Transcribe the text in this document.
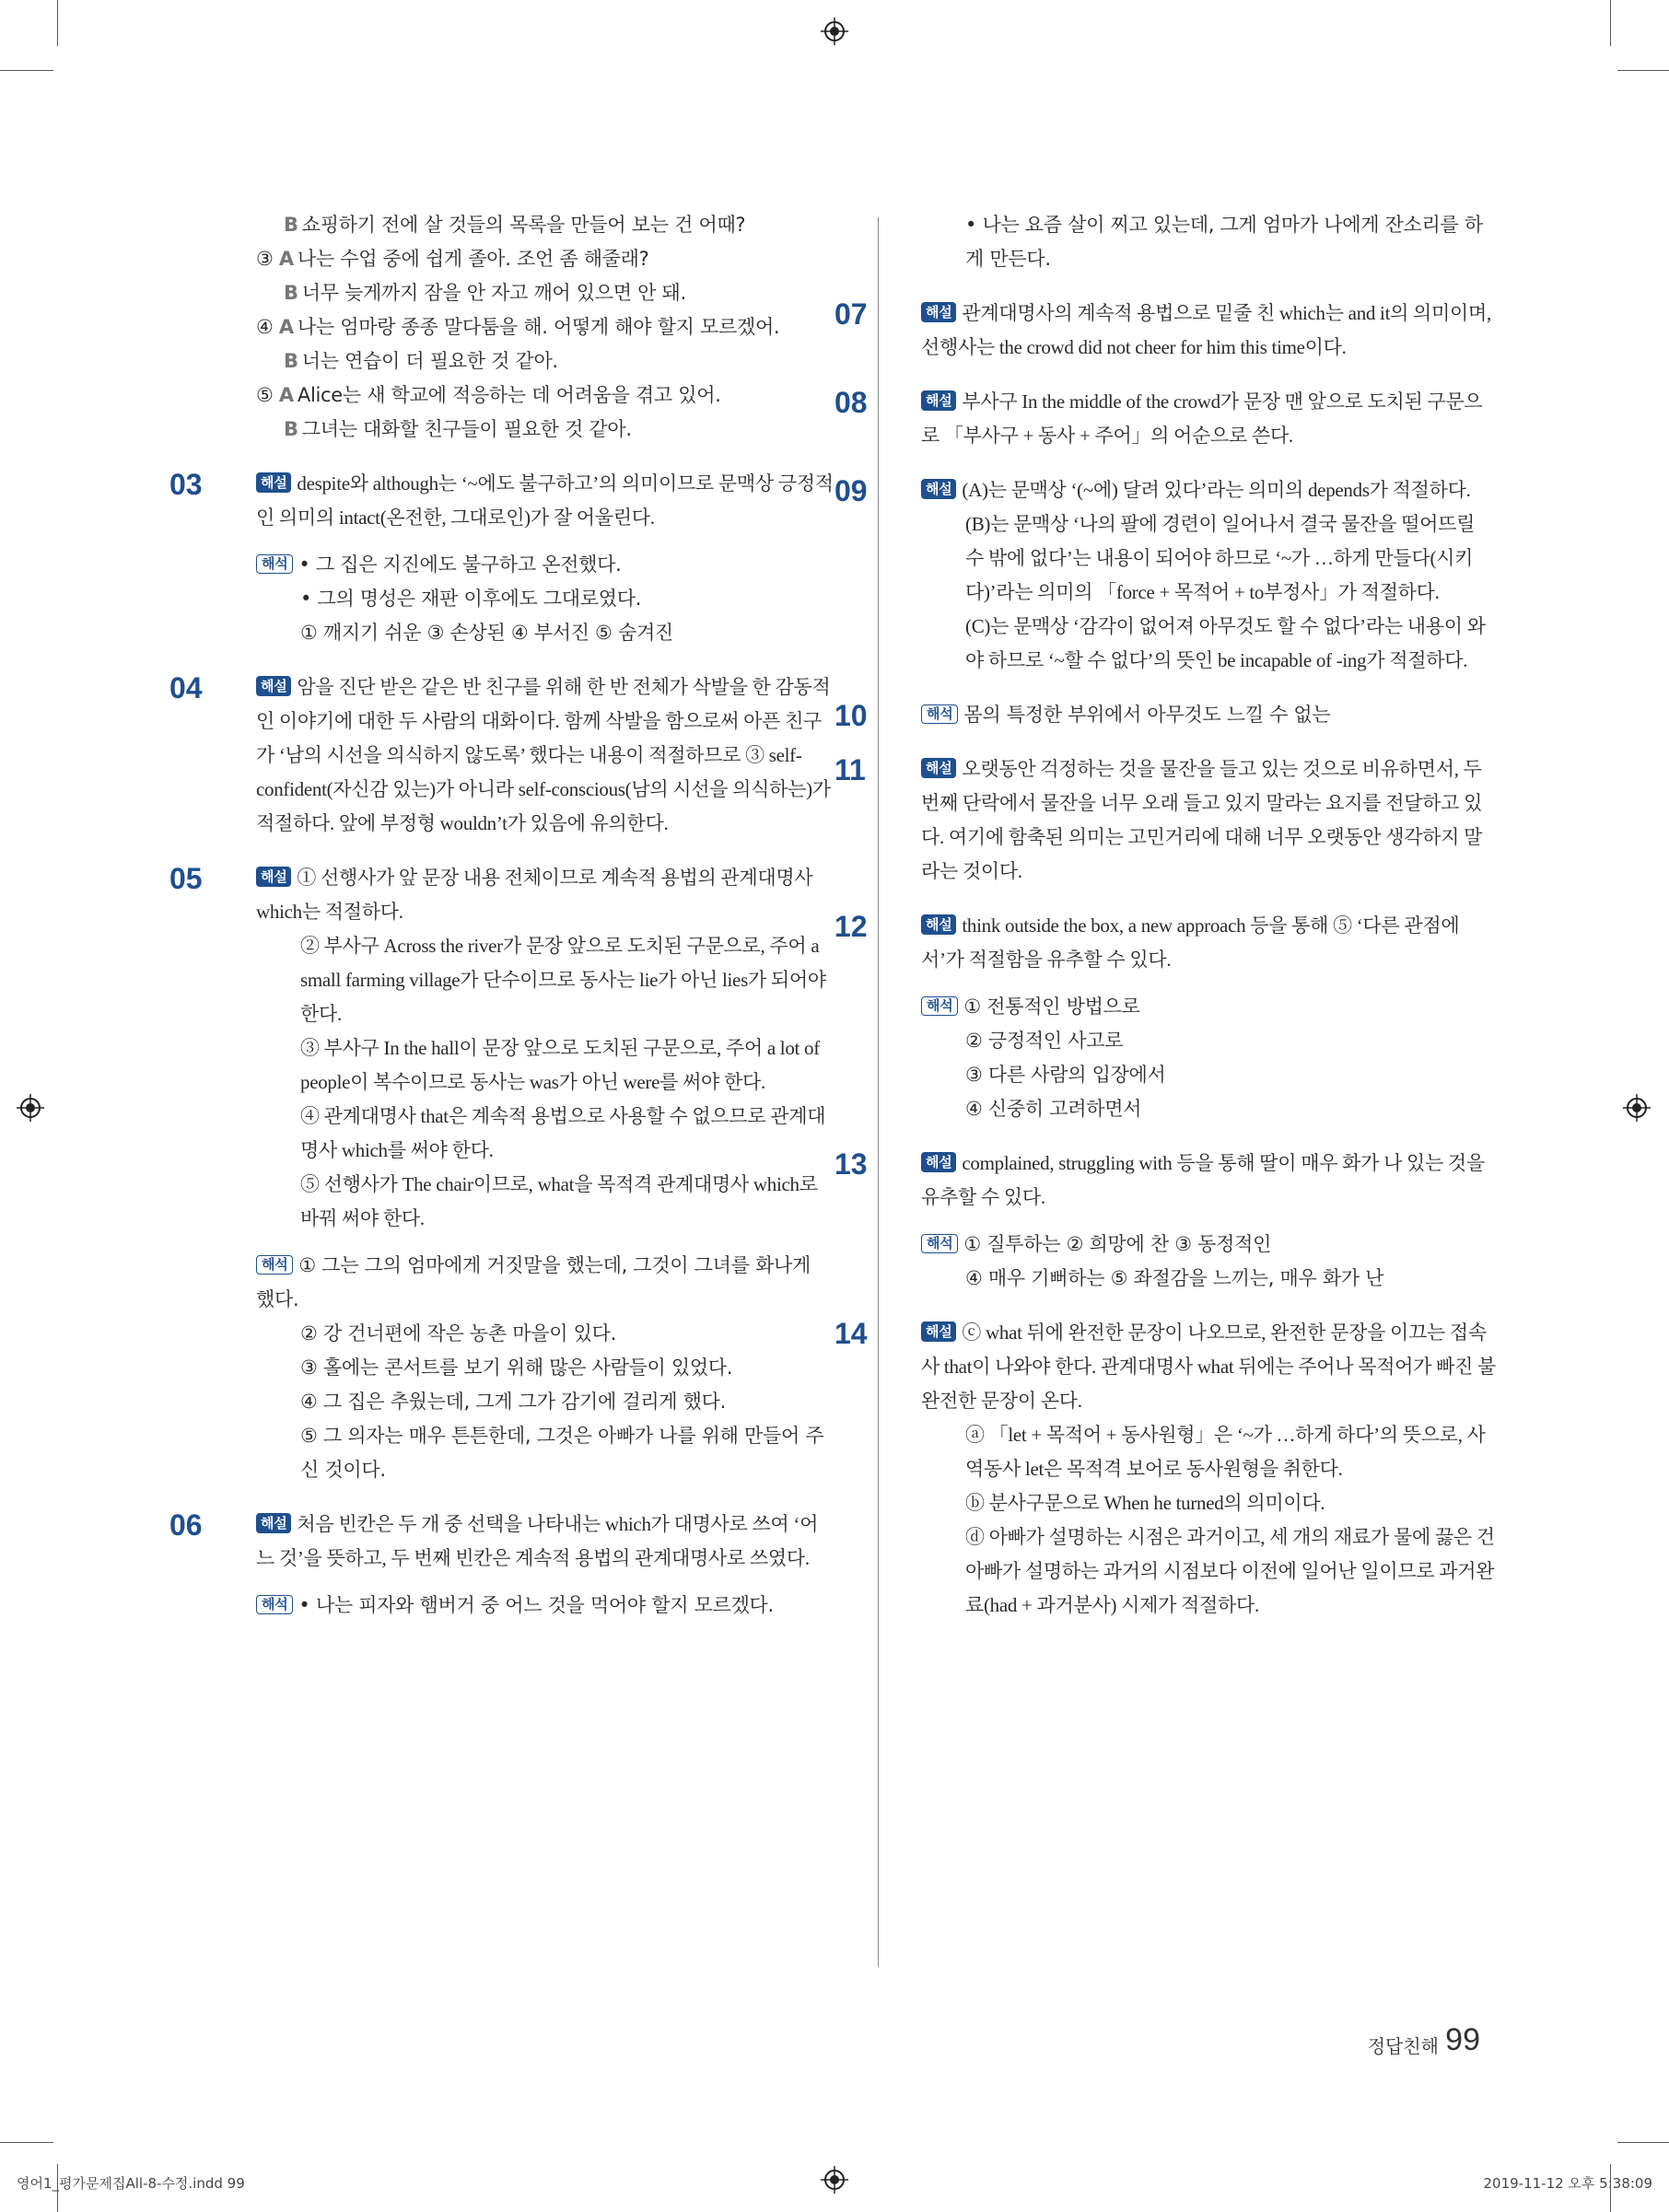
B 쇼핑하기 전에 살 것들의 목록을 만들어 보는 건 어때?
③ A 나는 수업 중에 쉽게 졸아. 조언 좀 해줄래?
B 너무 늦게까지 잠을 안 자고 깨어 있으면 안 돼.
④ A 나는 엄마랑 종종 말다툼을 해. 어떻게 해야 할지 모르겠어.
B 너는 연습이 더 필요한 것 같아.
⑤ A Alice는 새 학교에 적응하는 데 어려움을 겪고 있어.
B 그녀는 대화할 친구들이 필요한 것 같아.
03	해설 despite와 although는 ‘~에도 불구하고’의 의미이므로 문맥상 긍정적인 의미의 intact(온전한, 그대로인)가 잘 어울린다.
해석 • 그 집은 지진에도 불구하고 온전했다.
• 그의 명성은 재판 이후에도 그대로였다.
① 깨지기 쉬운 ③ 손상된 ④ 부서진 ⑤ 숨겨진
04	해설 암을 진단 받은 같은 반 친구를 위해 한 반 전체가 삭발을 한 감동적인 이야기에 대한 두 사람의 대화이다. 함께 삭발을 함으로써 아픈 친구가 ‘남의 시선을 의식하지 않도록’ 했다는 내용이 적절하므로 ③ self-confident(자신감 있는)가 아니라 self-conscious(남의 시선을 의식하는)가 적절하다. 앞에 부정형 wouldn’t가 있음에 유의한다.
05	해설 ① 선행사가 앞 문장 내용 전체이므로 계속적 용법의 관계대명사 which는 적절하다.
② 부사구 Across the river가 문장 앞으로 도치된 구문으로, 주어 a small farming village가 단수이므로 동사는 lie가 아닌 lies가 되어야 한다.
③ 부사구 In the hall이 문장 앞으로 도치된 구문으로, 주어 a lot of people이 복수이므로 동사는 was가 아닌 were를 써야 한다.
④ 관계대명사 that은 계속적 용법으로 사용할 수 없으므로 관계대명사 which를 써야 한다.
⑤ 선행사가 The chair이므로, what을 목적격 관계대명사 which로 바꿔 써야 한다.
해석 ① 그는 그의 엄마에게 거짓말을 했는데, 그것이 그녀를 화나게 했다.
② 강 건너편에 작은 농촌 마을이 있다.
③ 홀에는 콘서트를 보기 위해 많은 사람들이 있었다.
④ 그 집은 추웠는데, 그게 그가 감기에 걸리게 했다.
⑤ 그 의자는 매우 튼튼한데, 그것은 아빠가 나를 위해 만들어 주신 것이다.
06	해설 처음 빈칸은 두 개 중 선택을 나타내는 which가 대명사로 쓰여 ‘어느 것’을 뜻하고, 두 번째 빈칸은 계속적 용법의 관계대명사로 쓰였다.
해석 • 나는 피자와 햄버거 중 어느 것을 먹어야 할지 모르겠다.
• 나는 요즘 살이 찌고 있는데, 그게 엄마가 나에게 잔소리를 하게 만든다.
07	해설 관계대명사의 계속적 용법으로 밑줄 친 which는 and it의 의미이며, 선행사는 the crowd did not cheer for him this time이다.
08	해설 부사구 In the middle of the crowd가 문장 맨 앞으로 도치된 구문으로 「부사구 + 동사 + 주어」의 어순으로 쓴다.
09	해설 (A)는 문맥상 ‘(~에) 달려 있다’라는 의미의 depends가 적절하다.
(B)는 문맥상 ‘나의 팔에 경련이 일어나서 결국 물잔을 떨어뜨릴 수 밖에 없다’는 내용이 되어야 하므로 ‘~가 …하게 만들다(시키다)’라는 의미의 「force + 목적어 + to부정사」가 적절하다.
(C)는 문맥상 ‘감각이 없어져 아무것도 할 수 없다’라는 내용이 와야 하므로 ‘~할 수 없다’의 뜻인 be incapable of -ing가 적절하다.
10	해석 몸의 특정한 부위에서 아무것도 느낄 수 없는
11	해설 오랫동안 걱정하는 것을 물잔을 들고 있는 것으로 비유하면서, 두 번째 단락에서 물잔을 너무 오래 들고 있지 말라는 요지를 전달하고 있다. 여기에 함축된 의미는 고민거리에 대해 너무 오랫동안 생각하지 말라는 것이다.
12	해설 think outside the box, a new approach 등을 통해 ⑤ ‘다른 관점에서’가 적절함을 유추할 수 있다.
해석 ① 전통적인 방법으로
② 긍정적인 사고로
③ 다른 사람의 입장에서
④ 신중히 고려하면서
13	해설 complained, struggling with 등을 통해 딸이 매우 화가 나 있는 것을 유추할 수 있다.
해석 ① 질투하는 ② 희망에 찬 ③ 동정적인
④ 매우 기뻐하는 ⑤ 좌절감을 느끼는, 매우 화가 난
14	해설 ⓒ what 뒤에 완전한 문장이 나오므로, 완전한 문장을 이끄는 접속사 that이 나와야 한다. 관계대명사 what 뒤에는 주어나 목적어가 빠진 불완전한 문장이 온다.
ⓐ 「let + 목적어 + 동사원형」은 ‘~가 …하게 하다’의 뜻으로, 사역동사 let은 목적격 보어로 동사원형을 취한다.
ⓑ 분사구문으로 When he turned의 의미이다.
ⓓ 아빠가 설명하는 시점은 과거이고, 세 개의 재료가 물에 끓은 건 아빠가 설명하는 과거의 시점보다 이전에 일어난 일이므로 과거완료(had + 과거분사) 시제가 적절하다.
정답친해 99
영어1_평가문제집All-8-수정.indd 99	2019-11-12 오후 5:38:09
